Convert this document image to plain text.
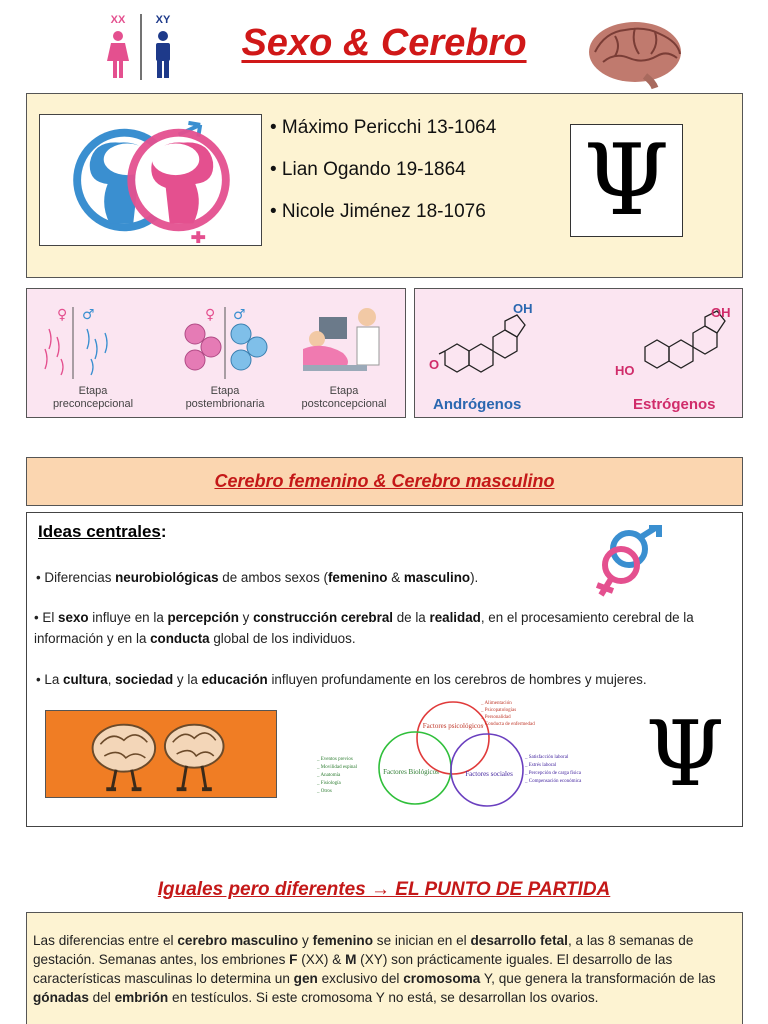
XX	XY
Sexo & Cerebro
• Máximo Pericchi 13-1064
• Lian Ogando 19-1864
• Nicole Jiménez 18-1076 Ψ
♀ ♂	♀ ♂
Etapa
preconcepcional
Etapa
postembrionaria
Etapa
postconcepcional
OH
O
OH
HO
Andrógenos	Estrógenos
Cerebro femenino & Cerebro masculino
Ideas centrales:

• Diferencias neurobiológicas de ambos sexos (femenino & masculino).

• El sexo influye en la percepción y construcción cerebral de la realidad, en el procesamiento cerebral de la información y en la conducta global de los individuos.

• La cultura, sociedad y la educación influyen profundamente en los cerebros de hombres y mujeres.

Factores psicológicos
Factores Biológicos	Factores sociales
_ Alimentación
_ Psicopatologías
_ Personalidad
_ Conducta de enfermedad
_ Eventos previos
_ Movilidad espinal
_ Anatomía
_ Fisiología
_ Otros
_ Satisfacción laboral
_ Estrés laboral
_ Percepción de carga física
_ Compensación económica Ψ
Iguales pero diferentes → EL PUNTO DE PARTIDA

Las diferencias entre el cerebro masculino y femenino se inician en el desarrollo fetal, a las 8 semanas de gestación. Semanas antes, los embriones F (XX) & M (XY) son prácticamente iguales. El desarrollo de las características masculinas lo determina un gen exclusivo del cromosoma Y, que genera la transformación de las gónadas del embrión en testículos. Si este cromosoma Y no está, se desarrollan los ovarios.
